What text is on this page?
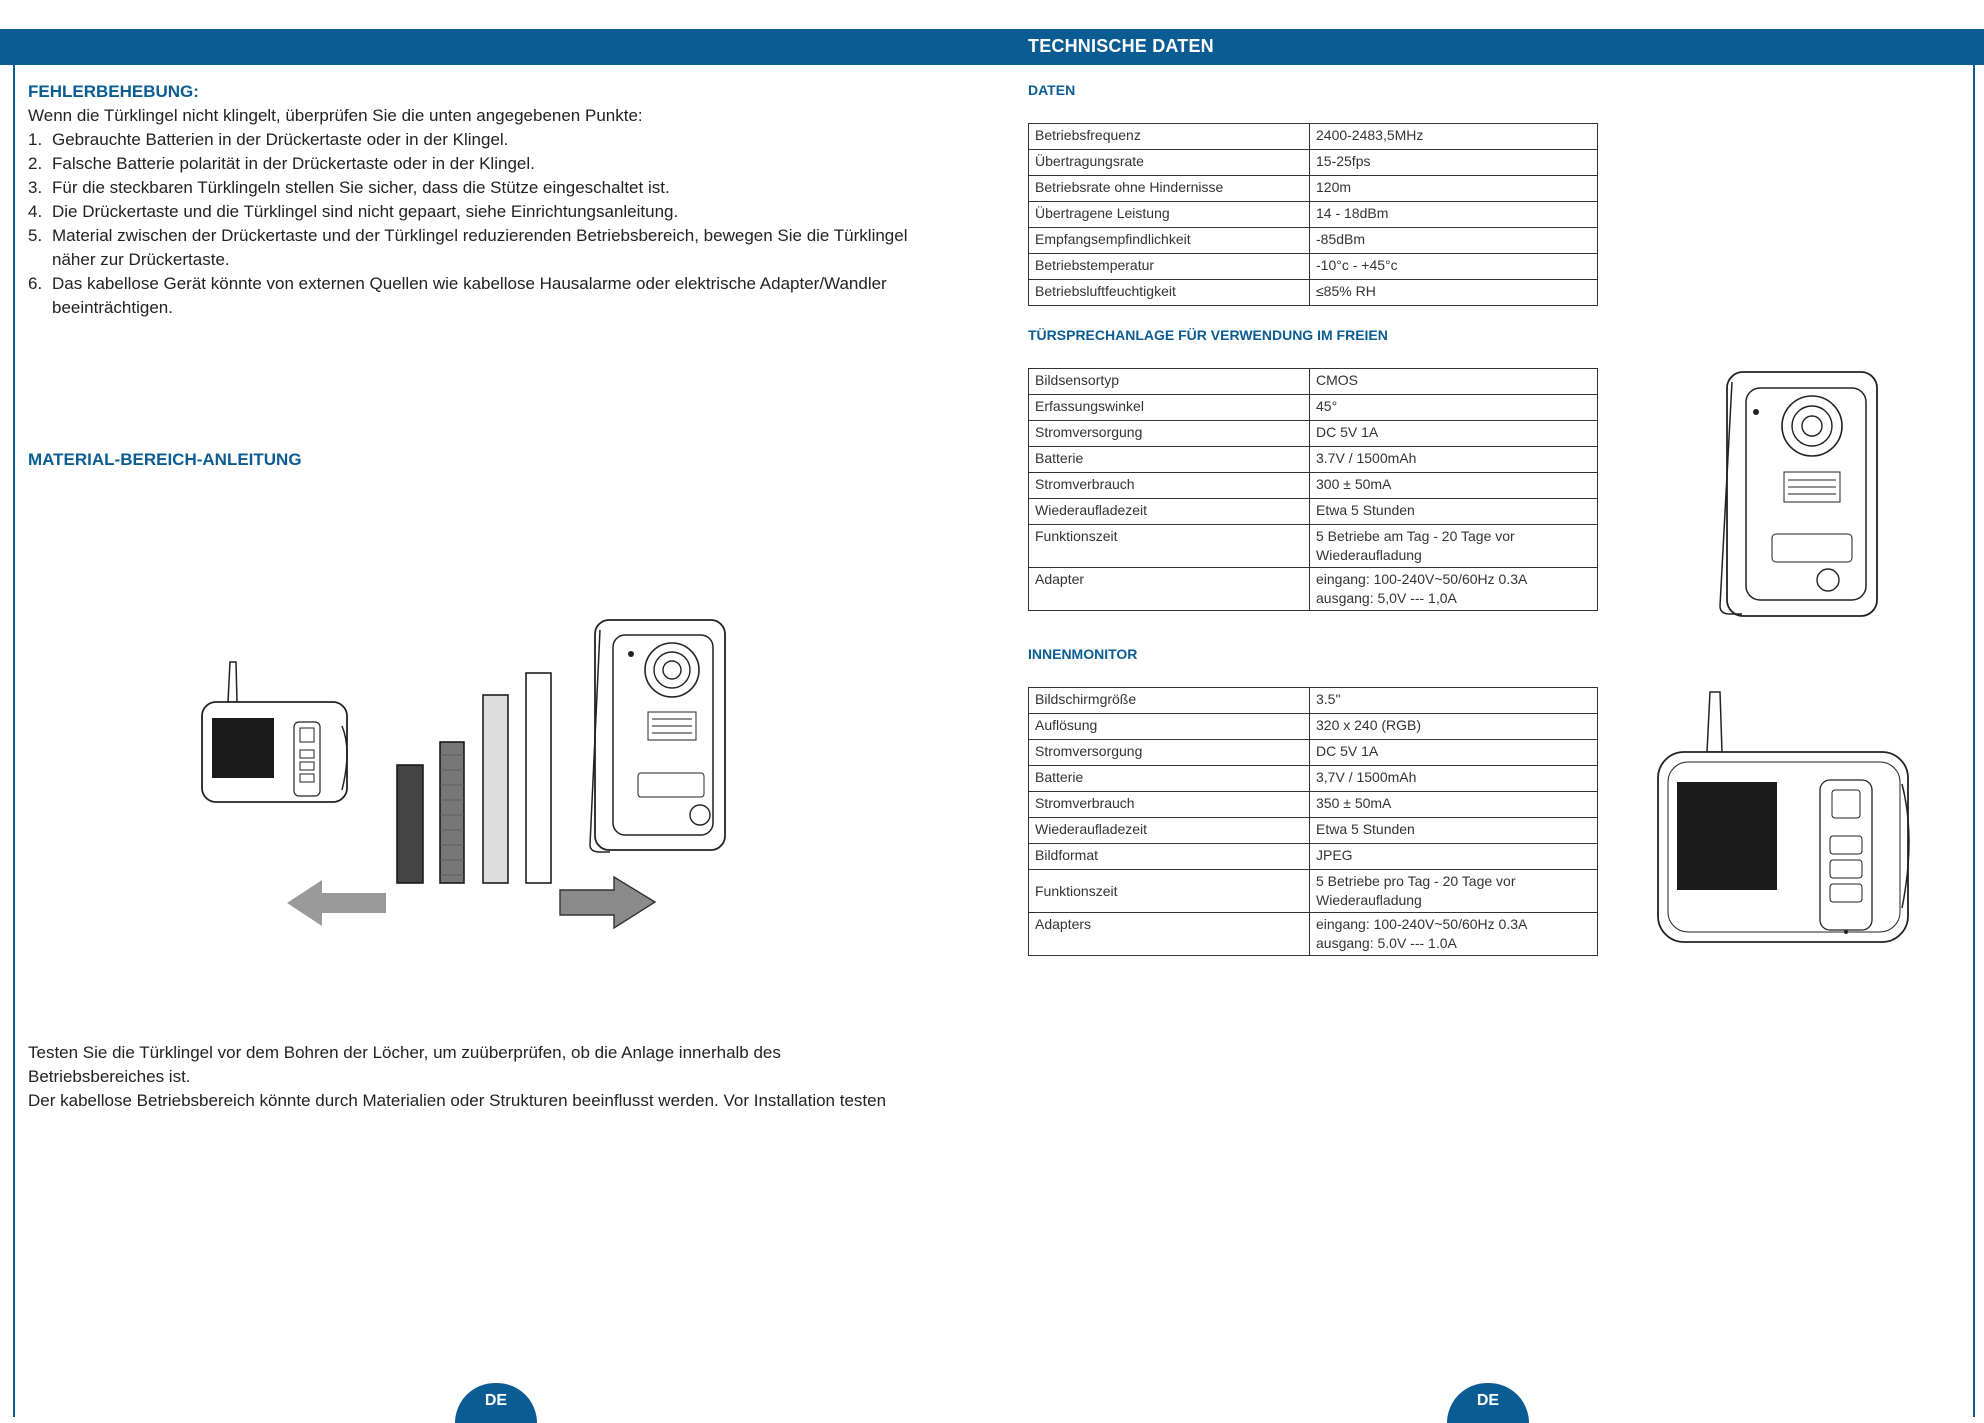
TECHNISCHE DATEN
FEHLERBEHEBUNG:
Wenn die Türklingel nicht klingelt, überprüfen Sie die unten angegebenen Punkte:
1. Gebrauchte Batterien in der Drückertaste oder in der Klingel.
2. Falsche Batterie polarität in der Drückertaste oder in der Klingel.
3. Für die steckbaren Türklingeln stellen Sie sicher, dass die Stütze eingeschaltet ist.
4. Die Drückertaste und die Türklingel sind nicht gepaart, siehe Einrichtungsanleitung.
5. Material zwischen der Drückertaste und der Türklingel reduzierenden Betriebsbereich, bewegen Sie die Türklingel
näher zur Drückertaste.
6. Das kabellose Gerät könnte von externen Quellen wie kabellose Hausalarme oder elektrische Adapter/Wandler
beeinträchtigen.
MATERIAL-BEREICH-ANLEITUNG
Testen Sie die Türklingel vor dem Bohren der Löcher, um zuüberprüfen, ob die Anlage innerhalb des
Betriebsbereiches ist.
Der kabellose Betriebsbereich könnte durch Materialien oder Strukturen beeinflusst werden. Vor Installation testen
DE
DATEN
Betriebsfrequenz	2400-2483,5MHz
Übertragungsrate	15-25fps
Betriebsrate ohne Hindernisse	120m
Übertragene Leistung	14 - 18dBm
Empfangsempfindlichkeit	-85dBm
Betriebstemperatur	-10°c - +45°c
Betriebsluftfeuchtigkeit	≤85% RH
TÜRSPRECHANLAGE FÜR VERWENDUNG IM FREIEN
Bildsensortyp	CMOS
Erfassungswinkel	45°
Stromversorgung	DC 5V 1A
Batterie	3.7V / 1500mAh
Stromverbrauch	300 ± 50mA
Wiederaufladezeit	Etwa 5 Stunden
Funktionszeit	5 Betriebe am Tag - 20 Tage vor
Wiederaufladung
Adapter	eingang: 100-240V~50/60Hz 0.3A
ausgang: 5,0V --- 1,0A
INNENMONITOR
Bildschirmgröße	3.5"
Auflösung	320 x 240 (RGB)
Stromversorgung	DC 5V 1A
Batterie	3,7V / 1500mAh
Stromverbrauch	350 ± 50mA
Wiederaufladezeit	Etwa 5 Stunden
Bildformat	JPEG
Funktionszeit	5 Betriebe pro Tag - 20 Tage vor
Wiederaufladung
Adapters	eingang: 100-240V~50/60Hz 0.3A
ausgang: 5.0V --- 1.0A
DE
